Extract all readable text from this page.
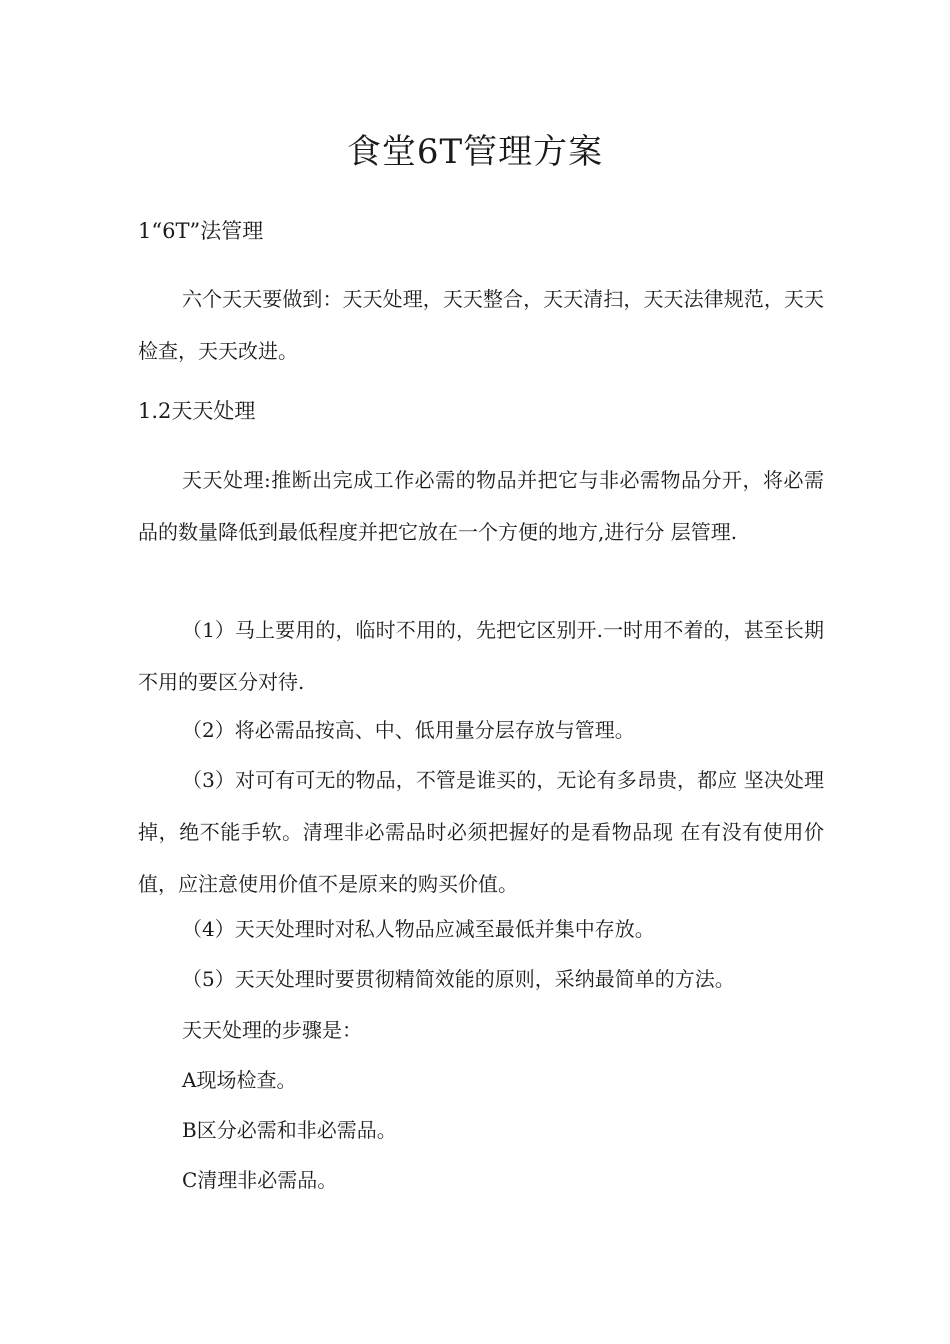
食堂6T管理方案
1“6T”法管理

六个天天要做到：天天处理，天天整合，天天清扫，天天法律规范，天天检查，天天改进。

1.2天天处理

天天处理:推断出完成工作必需的物品并把它与非必需物品分开，将必需品的数量降低到最低程度并把它放在一个方便的地方,进行分 层管理.

（1）马上要用的，临时不用的，先把它区别开.一时用不着的，甚至长期不用的要区分对待.

（2）将必需品按高、中、低用量分层存放与管理。

（3）对可有可无的物品，不管是谁买的，无论有多昂贵，都应 坚决处理掉，绝不能手软。清理非必需品时必须把握好的是看物品现 在有没有使用价值，应注意使用价值不是原来的购买价值。

（4）天天处理时对私人物品应减至最低并集中存放。

（5）天天处理时要贯彻精简效能的原则，采纳最简单的方法。

天天处理的步骤是：

A现场检查。

B区分必需和非必需品。

C清理非必需品。
